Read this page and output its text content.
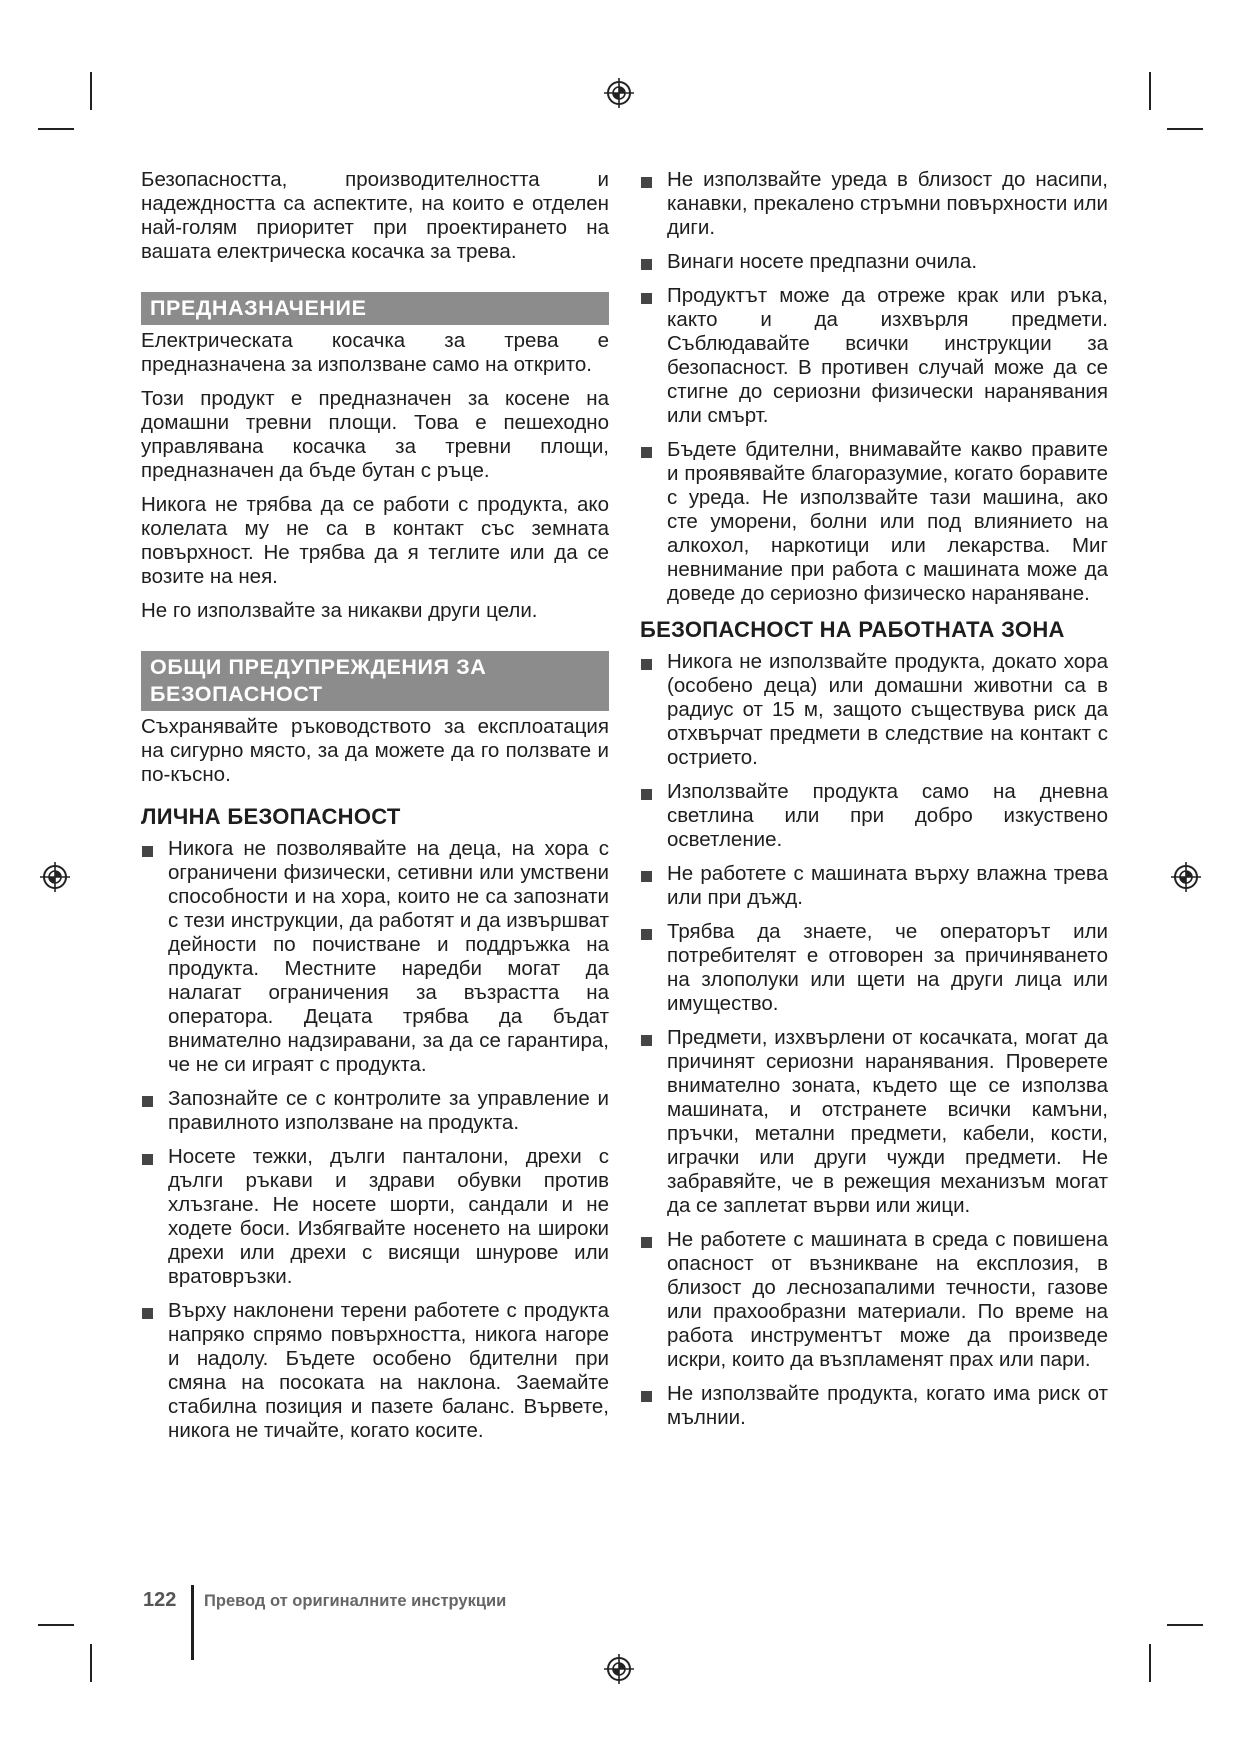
Безопасността, производителността и надеждността са аспектите, на които е отделен най-голям приоритет при проектирането на вашата електрическа косачка за трева.

ПРЕДНАЗНАЧЕНИЕ

Електрическата косачка за трева е предназначена за използване само на открито.

Този продукт е предназначен за косене на домашни тревни площи. Това е пешеходно управлявана косачка за тревни площи, предназначен да бъде бутан с ръце.

Никога не трябва да се работи с продукта, ако колелата му не са в контакт със земната повърхност. Не трябва да я теглите или да се возите на нея.

Не го използвайте за никакви други цели.

ОБЩИ ПРЕДУПРЕЖДЕНИЯ ЗА
БЕЗОПАСНОСТ

Съхранявайте ръководството за експлоатация на сигурно място, за да можете да го ползвате и по-късно.

ЛИЧНА БЕЗОПАСНОСТ
Никога не позволявайте на деца, на хора с ограничени физически, сетивни или умствени способности и на хора, които не са запознати с тези инструкции, да работят и да извършват дейности по почистване и поддръжка на продукта. Местните наредби могат да налагат ограничения за възрастта на оператора. Децата трябва да бъдат внимателно надзиравани, за да се гарантира, че не си играят с продукта.
Запознайте се с контролите за управление и правилното използване на продукта.
Носете тежки, дълги панталони, дрехи с дълги ръкави и здрави обувки против хлъзгане. Не носете шорти, сандали и не ходете боси. Избягвайте носенето на широки дрехи или дрехи с висящи шнурове или вратовръзки.
Върху наклонени терени работете с продукта напряко спрямо повърхността, никога нагоре и надолу. Бъдете особено бдителни при смяна на посоката на наклона. Заемайте стабилна позиция и пазете баланс. Вървете, никога не тичайте, когато косите.
Не използвайте уреда в близост до насипи, канавки, прекалено стръмни повърхности или диги.
Винаги носете предпазни очила.
Продуктът може да отреже крак или ръка, както и да изхвърля предмети. Съблюдавайте всички инструкции за безопасност. В противен случай може да се стигне до сериозни физически наранявания или смърт.
Бъдете бдителни, внимавайте какво правите и проявявайте благоразумие, когато боравите с уреда. Не използвайте тази машина, ако сте уморени, болни или под влиянието на алкохол, наркотици или лекарства. Миг невнимание при работа с машината може да доведе до сериозно физическо нараняване.
БЕЗОПАСНОСТ НА РАБОТНАТА ЗОНА
Никога не използвайте продукта, докато хора (особено деца) или домашни животни са в радиус от 15 м, защото съществува риск да отхвърчат предмети в следствие на контакт с острието.
Използвайте продукта само на дневна светлина или при добро изкуствено осветление.
Не работете с машината върху влажна трева или при дъжд.
Трябва да знаете, че операторът или потребителят е отговорен за причиняването на злополуки или щети на други лица или имущество.
Предмети, изхвърлени от косачката, могат да причинят сериозни наранявания. Проверете внимателно зоната, където ще се използва машината, и отстранете всички камъни, пръчки, метални предмети, кабели, кости, играчки или други чужди предмети. Не забравяйте, че в режещия механизъм могат да се заплетат върви или жици.
Не работете с машината в среда с повишена опасност от възникване на експлозия, в близост до леснозапалими течности, газове или прахообразни материали. По време на работа инструментът може да произведе искри, които да възпламенят прах или пари.
Не използвайте продукта, когато има риск от мълнии.
122 Превод от оригиналните инструкции
